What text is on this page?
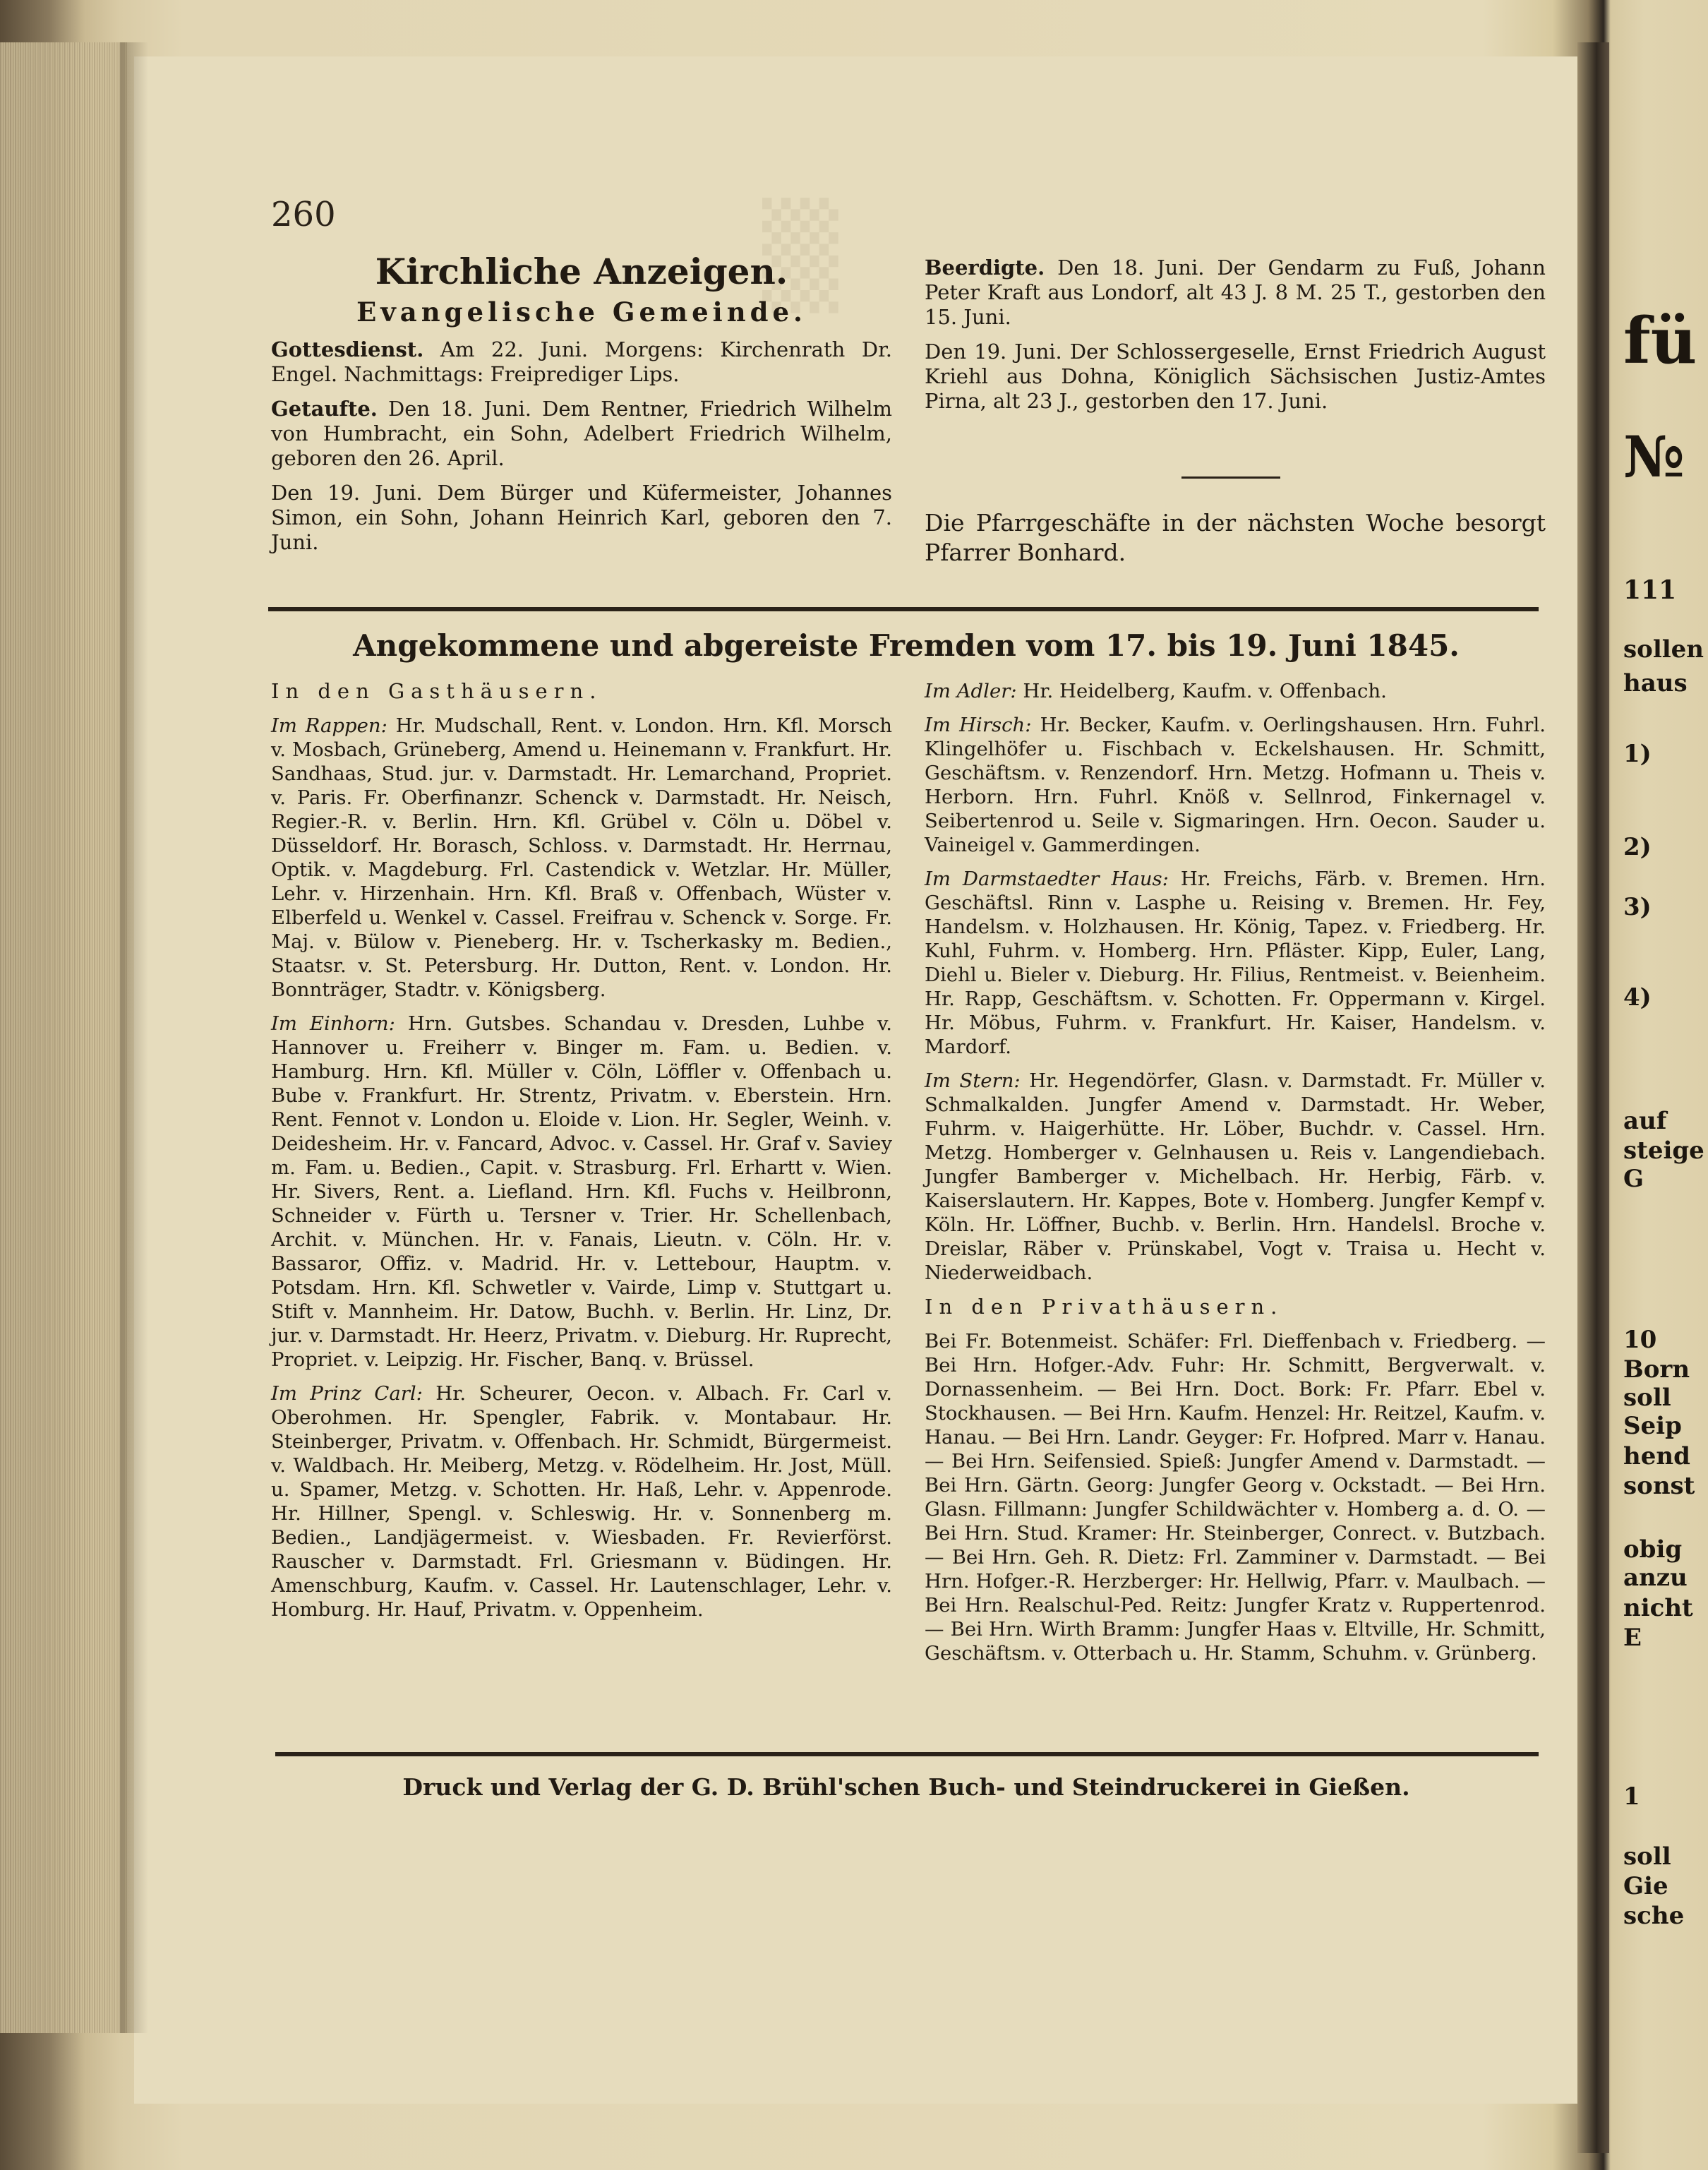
▒
260
Kirchliche Anzeigen.
Evangelische Gemeinde.

Gottesdienst. Am 22. Juni. Morgens: Kirchenrath Dr. Engel. Nachmittags: Freiprediger Lips.

Getaufte. Den 18. Juni. Dem Rentner, Friedrich Wilhelm von Humbracht, ein Sohn, Adelbert Friedrich Wilhelm, geboren den 26. April.

Den 19. Juni. Dem Bürger und Küfermeister, Johannes Simon, ein Sohn, Johann Heinrich Karl, geboren den 7. Juni.

Beerdigte. Den 18. Juni. Der Gendarm zu Fuß, Johann Peter Kraft aus Londorf, alt 43 J. 8 M. 25 T., gestorben den 15. Juni.

Den 19. Juni. Der Schlossergeselle, Ernst Friedrich August Kriehl aus Dohna, Königlich Sächsischen Justiz-Amtes Pirna, alt 23 J., gestorben den 17. Juni.

Die Pfarrgeschäfte in der nächsten Woche besorgt Pfarrer Bonhard.

Angekommene und abgereiste Fremden vom 17. bis 19. Juni 1845.

In den Gasthäusern.

Im Rappen: Hr. Mudschall, Rent. v. London. Hrn. Kfl. Morsch v. Mosbach, Grüneberg, Amend u. Heinemann v. Frankfurt. Hr. Sandhaas, Stud. jur. v. Darmstadt. Hr. Lemarchand, Propriet. v. Paris. Fr. Oberfinanzr. Schenck v. Darmstadt. Hr. Neisch, Regier.-R. v. Berlin. Hrn. Kfl. Grübel v. Cöln u. Döbel v. Düsseldorf. Hr. Borasch, Schloss. v. Darmstadt. Hr. Herrnau, Optik. v. Magdeburg. Frl. Castendick v. Wetzlar. Hr. Müller, Lehr. v. Hirzenhain. Hrn. Kfl. Braß v. Offenbach, Wüster v. Elberfeld u. Wenkel v. Cassel. Freifrau v. Schenck v. Sorge. Fr. Maj. v. Bülow v. Pieneberg. Hr. v. Tscherkasky m. Bedien., Staatsr. v. St. Petersburg. Hr. Dutton, Rent. v. London. Hr. Bonnträger, Stadtr. v. Königsberg.

Im Einhorn: Hrn. Gutsbes. Schandau v. Dresden, Luhbe v. Hannover u. Freiherr v. Binger m. Fam. u. Bedien. v. Hamburg. Hrn. Kfl. Müller v. Cöln, Löffler v. Offenbach u. Bube v. Frankfurt. Hr. Strentz, Privatm. v. Eberstein. Hrn. Rent. Fennot v. London u. Eloide v. Lion. Hr. Segler, Weinh. v. Deidesheim. Hr. v. Fancard, Advoc. v. Cassel. Hr. Graf v. Saviey m. Fam. u. Bedien., Capit. v. Strasburg. Frl. Erhartt v. Wien. Hr. Sivers, Rent. a. Liefland. Hrn. Kfl. Fuchs v. Heilbronn, Schneider v. Fürth u. Tersner v. Trier. Hr. Schellenbach, Archit. v. München. Hr. v. Fanais, Lieutn. v. Cöln. Hr. v. Bassaror, Offiz. v. Madrid. Hr. v. Lettebour, Hauptm. v. Potsdam. Hrn. Kfl. Schwetler v. Vairde, Limp v. Stuttgart u. Stift v. Mannheim. Hr. Datow, Buchh. v. Berlin. Hr. Linz, Dr. jur. v. Darmstadt. Hr. Heerz, Privatm. v. Dieburg. Hr. Ruprecht, Propriet. v. Leipzig. Hr. Fischer, Banq. v. Brüssel.

Im Prinz Carl: Hr. Scheurer, Oecon. v. Albach. Fr. Carl v. Oberohmen. Hr. Spengler, Fabrik. v. Montabaur. Hr. Steinberger, Privatm. v. Offenbach. Hr. Schmidt, Bürgermeist. v. Waldbach. Hr. Meiberg, Metzg. v. Rödelheim. Hr. Jost, Müll. u. Spamer, Metzg. v. Schotten. Hr. Haß, Lehr. v. Appenrode. Hr. Hillner, Spengl. v. Schleswig. Hr. v. Sonnenberg m. Bedien., Landjägermeist. v. Wiesbaden. Fr. Revierförst. Rauscher v. Darmstadt. Frl. Griesmann v. Büdingen. Hr. Amenschburg, Kaufm. v. Cassel. Hr. Lautenschlager, Lehr. v. Homburg. Hr. Hauf, Privatm. v. Oppenheim.

Im Adler: Hr. Heidelberg, Kaufm. v. Offenbach.

Im Hirsch: Hr. Becker, Kaufm. v. Oerlingshausen. Hrn. Fuhrl. Klingelhöfer u. Fischbach v. Eckelshausen. Hr. Schmitt, Geschäftsm. v. Renzendorf. Hrn. Metzg. Hofmann u. Theis v. Herborn. Hrn. Fuhrl. Knöß v. Sellnrod, Finkernagel v. Seibertenrod u. Seile v. Sigmaringen. Hrn. Oecon. Sauder u. Vaineigel v. Gammerdingen.

Im Darmstaedter Haus: Hr. Freichs, Färb. v. Bremen. Hrn. Geschäftsl. Rinn v. Lasphe u. Reising v. Bremen. Hr. Fey, Handelsm. v. Holzhausen. Hr. König, Tapez. v. Friedberg. Hr. Kuhl, Fuhrm. v. Homberg. Hrn. Pfläster. Kipp, Euler, Lang, Diehl u. Bieler v. Dieburg. Hr. Filius, Rentmeist. v. Beienheim. Hr. Rapp, Geschäftsm. v. Schotten. Fr. Oppermann v. Kirgel. Hr. Möbus, Fuhrm. v. Frankfurt. Hr. Kaiser, Handelsm. v. Mardorf.

Im Stern: Hr. Hegendörfer, Glasn. v. Darmstadt. Fr. Müller v. Schmalkalden. Jungfer Amend v. Darmstadt. Hr. Weber, Fuhrm. v. Haigerhütte. Hr. Löber, Buchdr. v. Cassel. Hrn. Metzg. Homberger v. Gelnhausen u. Reis v. Langendiebach. Jungfer Bamberger v. Michelbach. Hr. Herbig, Färb. v. Kaiserslautern. Hr. Kappes, Bote v. Homberg. Jungfer Kempf v. Köln. Hr. Löffner, Buchb. v. Berlin. Hrn. Handelsl. Broche v. Dreislar, Räber v. Prünskabel, Vogt v. Traisa u. Hecht v. Niederweidbach.

In den Privathäusern.

Bei Fr. Botenmeist. Schäfer: Frl. Dieffenbach v. Friedberg. — Bei Hrn. Hofger.-Adv. Fuhr: Hr. Schmitt, Bergverwalt. v. Dornassenheim. — Bei Hrn. Doct. Bork: Fr. Pfarr. Ebel v. Stockhausen. — Bei Hrn. Kaufm. Henzel: Hr. Reitzel, Kaufm. v. Hanau. — Bei Hrn. Landr. Geyger: Fr. Hofpred. Marr v. Hanau. — Bei Hrn. Seifensied. Spieß: Jungfer Amend v. Darmstadt. — Bei Hrn. Gärtn. Georg: Jungfer Georg v. Ockstadt. — Bei Hrn. Glasn. Fillmann: Jungfer Schildwächter v. Homberg a. d. O. — Bei Hrn. Stud. Kramer: Hr. Steinberger, Conrect. v. Butzbach. — Bei Hrn. Geh. R. Dietz: Frl. Zamminer v. Darmstadt. — Bei Hrn. Hofger.-R. Herzberger: Hr. Hellwig, Pfarr. v. Maulbach. — Bei Hrn. Realschul-Ped. Reitz: Jungfer Kratz v. Ruppertenrod. — Bei Hrn. Wirth Bramm: Jungfer Haas v. Eltville, Hr. Schmitt, Geschäftsm. v. Otterbach u. Hr. Stamm, Schuhm. v. Grünberg.

Druck und Verlag der G. D. Brühl'schen Buch- und Steindruckerei in Gießen.
fü
№
111
sollen
haus
1)
2)
3)
4)
auf
steige
G
10
Born
soll
Seip
hend
sonst
obig
anzu
nicht
E
1
soll
Gie
sche
